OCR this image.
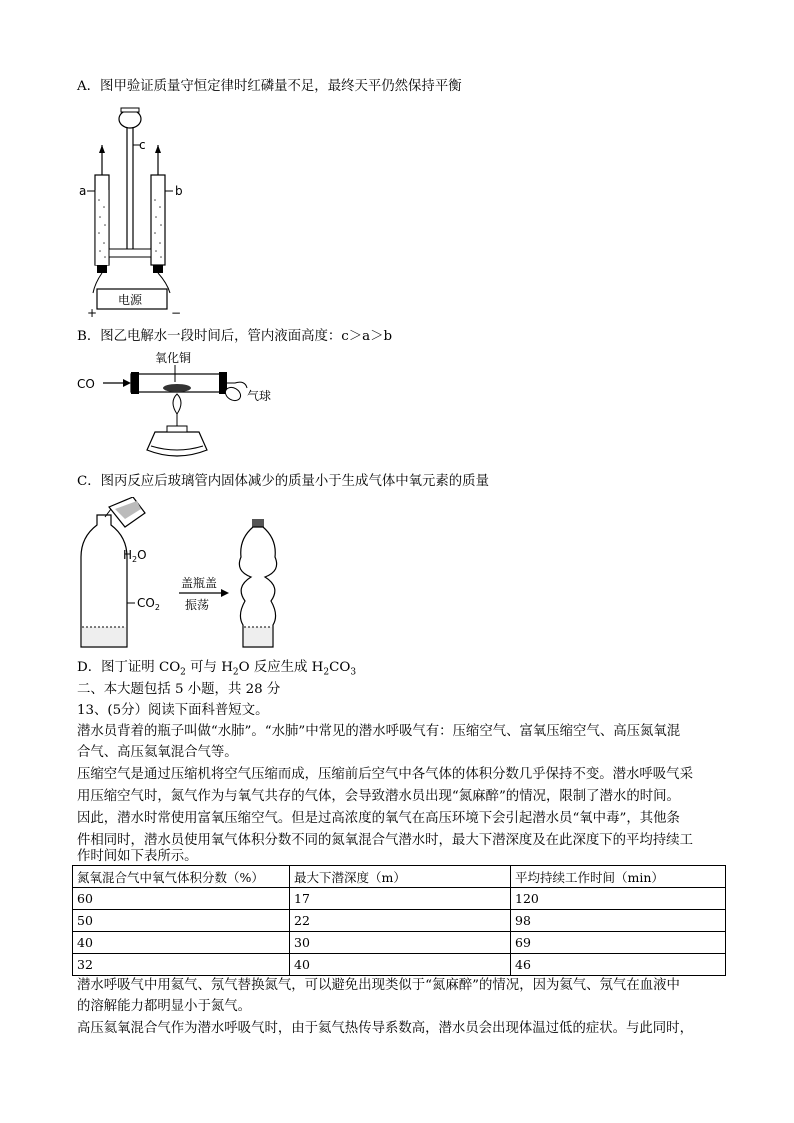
A．图甲验证质量守恒定律时红磷量不足，最终天平仍然保持平衡
a	b
c
电源
+	−
B．图乙电解水一段时间后，管内液面高度：c＞a＞b
CO
氧化铜
气球
C．图丙反应后玻璃管内固体减少的质量小于生成气体中氧元素的质量
$H_2O$
$CO_2$
盖瓶盖
振荡
D．图丁证明 $CO_2$ 可与 $H_2O$ 反应生成 $H_2CO_3$
二、本大题包括 5 小题，共 28 分
13、(5分）阅读下面科普短文。
潜水员背着的瓶子叫做“水肺”。“水肺”中常见的潜水呼吸气有：压缩空气、富氧压缩空气、高压氮氧混
合气、高压氦氧混合气等。
压缩空气是通过压缩机将空气压缩而成，压缩前后空气中各气体的体积分数几乎保持不变。潜水呼吸气采
用压缩空气时，氮气作为与氧气共存的气体，会导致潜水员出现“氮麻醉”的情况，限制了潜水的时间。
因此，潜水时常使用富氧压缩空气。但是过高浓度的氧气在高压环境下会引起潜水员“氧中毒”，其他条
件相同时，潜水员使用氧气体积分数不同的氮氧混合气潜水时，最大下潜深度及在此深度下的平均持续工
作时间如下表所示。
氮氧混合气中氧气体积分数（%）	最大下潜深度（m）	平均持续工作时间（min）
60	17	120
50	22	98
40	30	69
32	40	46
潜水呼吸气中用氦气、氖气替换氮气，可以避免出现类似于“氮麻醉”的情况，因为氦气、氖气在血液中
的溶解能力都明显小于氮气。
高压氦氧混合气作为潜水呼吸气时，由于氦气热传导系数高，潜水员会出现体温过低的症状。与此同时，
